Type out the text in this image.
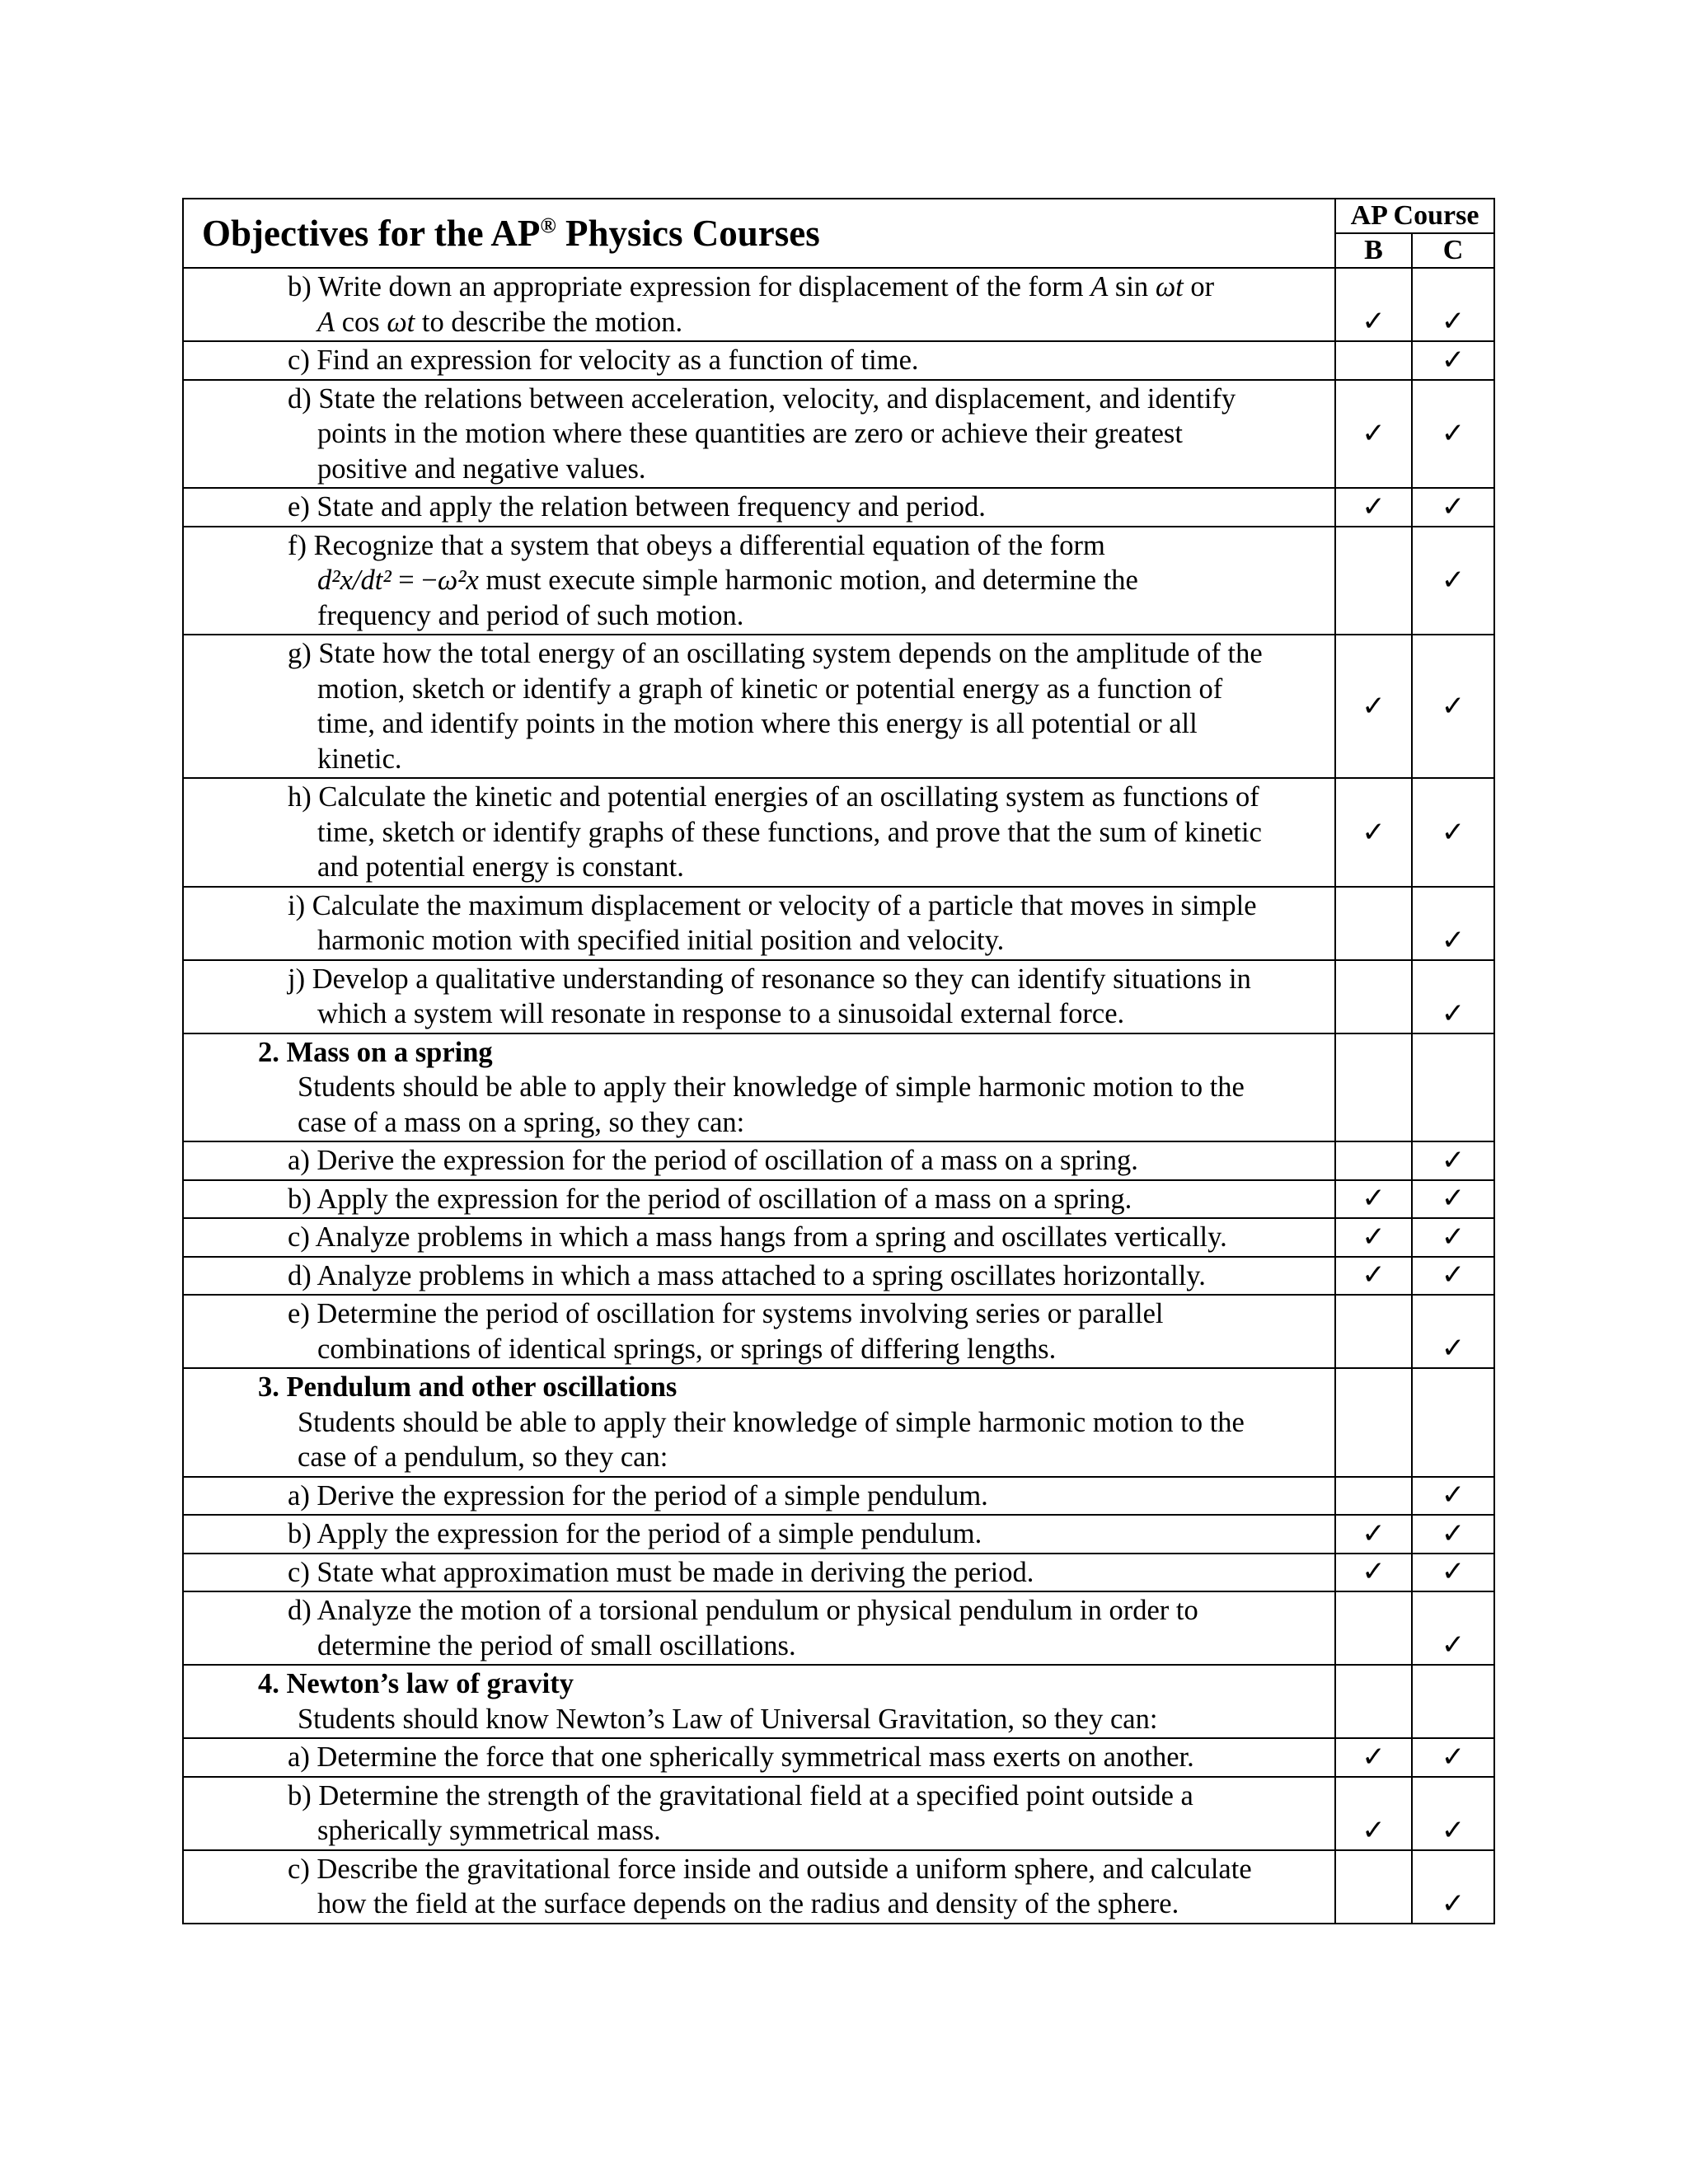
Objectives for the AP® Physics Courses	AP Course	
	B	C

b) Write down an appropriate expression for displacement of the form A sin ωt or
A cos ωt to describe the motion.	✓	✓

c) Find an expression for velocity as a function of time.		✓

d) State the relations between acceleration, velocity, and displacement, and identify
points in the motion where these quantities are zero or achieve their greatest
positive and negative values.	✓	✓

e) State and apply the relation between frequency and period.	✓	✓

f) Recognize that a system that obeys a differential equation of the form
d²x/dt² = −ω²x must execute simple harmonic motion, and determine the
frequency and period of such motion.		✓

g) State how the total energy of an oscillating system depends on the amplitude of the
motion, sketch or identify a graph of kinetic or potential energy as a function of
time, and identify points in the motion where this energy is all potential or all
kinetic.	✓	✓

h) Calculate the kinetic and potential energies of an oscillating system as functions of
time, sketch or identify graphs of these functions, and prove that the sum of kinetic
and potential energy is constant.	✓	✓

i) Calculate the maximum displacement or velocity of a particle that moves in simple
harmonic motion with specified initial position and velocity.		✓

j) Develop a qualitative understanding of resonance so they can identify situations in
which a system will resonate in response to a sinusoidal external force.		✓

2. Mass on a spring
Students should be able to apply their knowledge of simple harmonic motion to the
case of a mass on a spring, so they can:		

a) Derive the expression for the period of oscillation of a mass on a spring.		✓

b) Apply the expression for the period of oscillation of a mass on a spring.	✓	✓

c) Analyze problems in which a mass hangs from a spring and oscillates vertically.	✓	✓

d) Analyze problems in which a mass attached to a spring oscillates horizontally.	✓	✓

e) Determine the period of oscillation for systems involving series or parallel
combinations of identical springs, or springs of differing lengths.		✓

3. Pendulum and other oscillations
Students should be able to apply their knowledge of simple harmonic motion to the
case of a pendulum, so they can:		

a) Derive the expression for the period of a simple pendulum.		✓

b) Apply the expression for the period of a simple pendulum.	✓	✓

c) State what approximation must be made in deriving the period.	✓	✓

d) Analyze the motion of a torsional pendulum or physical pendulum in order to
determine the period of small oscillations.		✓

4. Newton’s law of gravity
Students should know Newton’s Law of Universal Gravitation, so they can:		

a) Determine the force that one spherically symmetrical mass exerts on another.	✓	✓

b) Determine the strength of the gravitational field at a specified point outside a
spherically symmetrical mass.	✓	✓

c) Describe the gravitational force inside and outside a uniform sphere, and calculate
how the field at the surface depends on the radius and density of the sphere.		✓
